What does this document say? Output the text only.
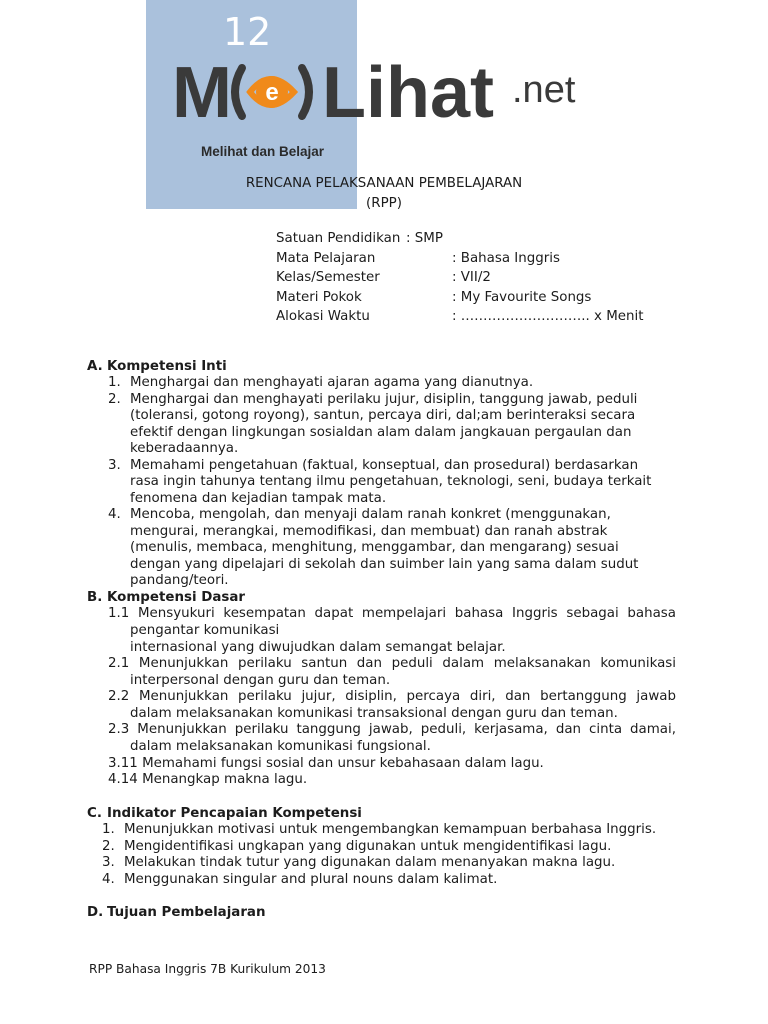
12
M e Lihat .net
Melihat dan Belajar
RENCANA PELAKSANAAN PEMBELAJARAN
(RPP)
Satuan Pendidikan : SMP
Mata Pelajaran	: Bahasa Inggris
Kelas/Semester	: VII/2
Materi Pokok	: My Favourite Songs
Alokasi Waktu	: ……………………….. x Menit
A. Kompetensi Inti
1. Menghargai dan menghayati ajaran agama yang dianutnya.
2. Menghargai dan menghayati perilaku jujur, disiplin, tanggung jawab, peduli
(toleransi, gotong royong), santun, percaya diri, dal;am berinteraksi secara
efektif dengan lingkungan sosialdan alam dalam jangkauan pergaulan dan
keberadaannya.
3. Memahami pengetahuan (faktual, konseptual, dan prosedural) berdasarkan
rasa ingin tahunya tentang ilmu pengetahuan, teknologi, seni, budaya terkait
fenomena dan kejadian tampak mata.
4. Mencoba, mengolah, dan menyaji dalam ranah konkret (menggunakan,
mengurai, merangkai, memodifikasi, dan membuat) dan ranah abstrak
(menulis, membaca, menghitung, menggambar, dan mengarang) sesuai
dengan yang dipelajari di sekolah dan suimber lain yang sama dalam sudut
pandang/teori.
B. Kompetensi Dasar
1.1 Mensyukuri kesempatan dapat mempelajari bahasa Inggris sebagai bahasa
pengantar komunikasi
internasional yang diwujudkan dalam semangat belajar.
2.1 Menunjukkan perilaku santun dan peduli dalam melaksanakan komunikasi
interpersonal dengan guru dan teman.
2.2 Menunjukkan perilaku jujur, disiplin, percaya diri, dan bertanggung jawab
dalam melaksanakan komunikasi transaksional dengan guru dan teman.
2.3 Menunjukkan perilaku tanggung jawab, peduli, kerjasama, dan cinta damai,
dalam melaksanakan komunikasi fungsional.
3.11 Memahami fungsi sosial dan unsur kebahasaan dalam lagu.
4.14 Menangkap makna lagu.
C. Indikator Pencapaian Kompetensi
1. Menunjukkan motivasi untuk mengembangkan kemampuan berbahasa Inggris.
2. Mengidentifikasi ungkapan yang digunakan untuk mengidentifikasi lagu.
3. Melakukan tindak tutur yang digunakan dalam menanyakan makna lagu.
4. Menggunakan singular and plural nouns dalam kalimat.
D. Tujuan Pembelajaran
RPP Bahasa Inggris 7B Kurikulum 2013
